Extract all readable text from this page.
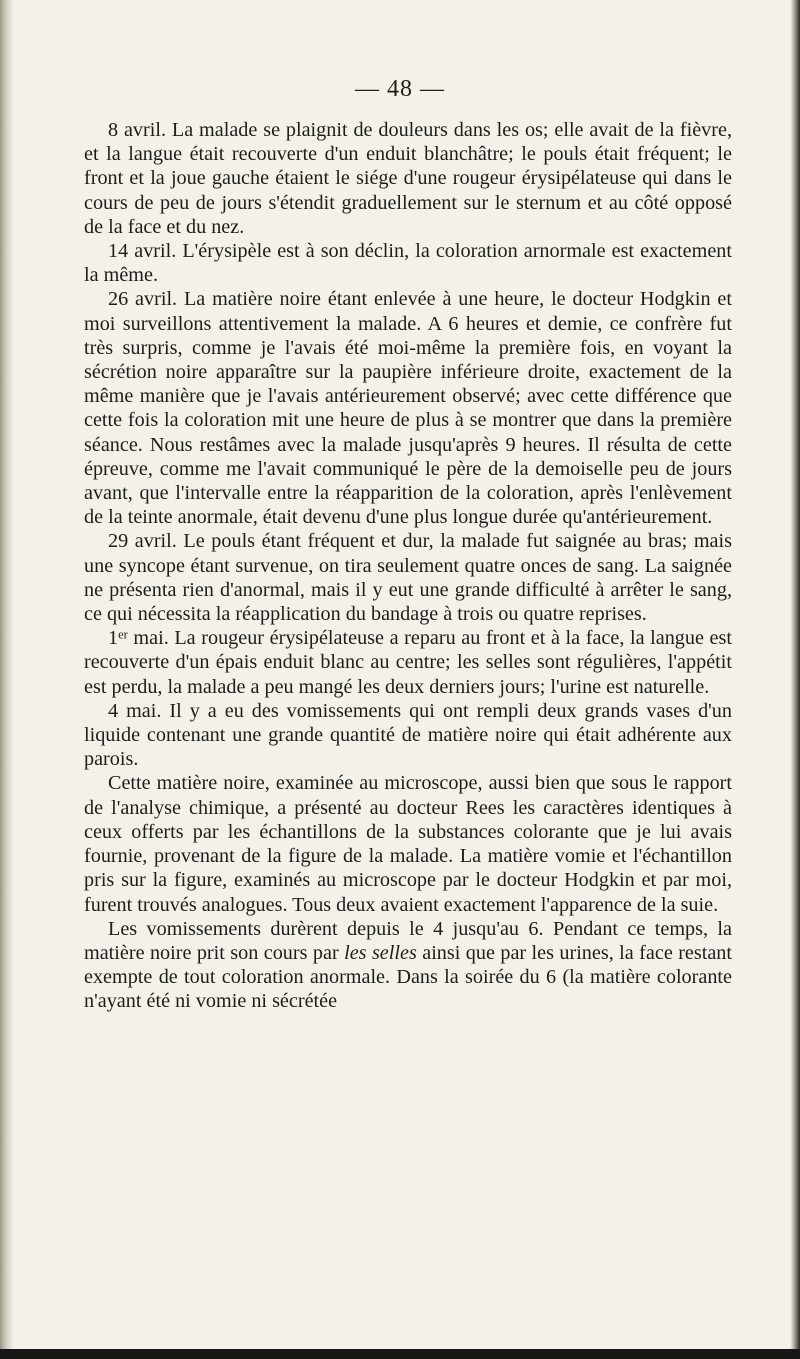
— 48 —

8 avril. La malade se plaignit de douleurs dans les os; elle avait de la fièvre, et la langue était recouverte d'un enduit blanchâtre; le pouls était fréquent; le front et la joue gauche étaient le siége d'une rougeur érysipélateuse qui dans le cours de peu de jours s'étendit graduellement sur le sternum et au côté opposé de la face et du nez.

14 avril. L'érysipèle est à son déclin, la coloration arnormale est exactement la même.

26 avril. La matière noire étant enlevée à une heure, le docteur Hodgkin et moi surveillons attentivement la malade. A 6 heures et demie, ce confrère fut très surpris, comme je l'avais été moi-même la première fois, en voyant la sécrétion noire apparaître sur la paupière inférieure droite, exactement de la même manière que je l'avais antérieurement observé; avec cette différence que cette fois la coloration mit une heure de plus à se montrer que dans la première séance. Nous restâmes avec la malade jusqu'après 9 heures. Il résulta de cette épreuve, comme me l'avait communiqué le père de la demoiselle peu de jours avant, que l'intervalle entre la réapparition de la coloration, après l'enlèvement de la teinte anormale, était devenu d'une plus longue durée qu'antérieurement.

29 avril. Le pouls étant fréquent et dur, la malade fut saignée au bras; mais une syncope étant survenue, on tira seulement quatre onces de sang. La saignée ne présenta rien d'anormal, mais il y eut une grande difficulté à arrêter le sang, ce qui nécessita la réapplication du bandage à trois ou quatre reprises.

1er mai. La rougeur érysipélateuse a reparu au front et à la face, la langue est recouverte d'un épais enduit blanc au centre; les selles sont régulières, l'appétit est perdu, la malade a peu mangé les deux derniers jours; l'urine est naturelle.

4 mai. Il y a eu des vomissements qui ont rempli deux grands vases d'un liquide contenant une grande quantité de matière noire qui était adhérente aux parois.

Cette matière noire, examinée au microscope, aussi bien que sous le rapport de l'analyse chimique, a présenté au docteur Rees les caractères identiques à ceux offerts par les échantillons de la substances colorante que je lui avais fournie, provenant de la figure de la malade. La matière vomie et l'échantillon pris sur la figure, examinés au microscope par le docteur Hodgkin et par moi, furent trouvés analogues. Tous deux avaient exactement l'apparence de la suie.

Les vomissements durèrent depuis le 4 jusqu'au 6. Pendant ce temps, la matière noire prit son cours par les selles ainsi que par les urines, la face restant exempte de tout coloration anormale. Dans la soirée du 6 (la matière colorante n'ayant été ni vomie ni sécrétée
